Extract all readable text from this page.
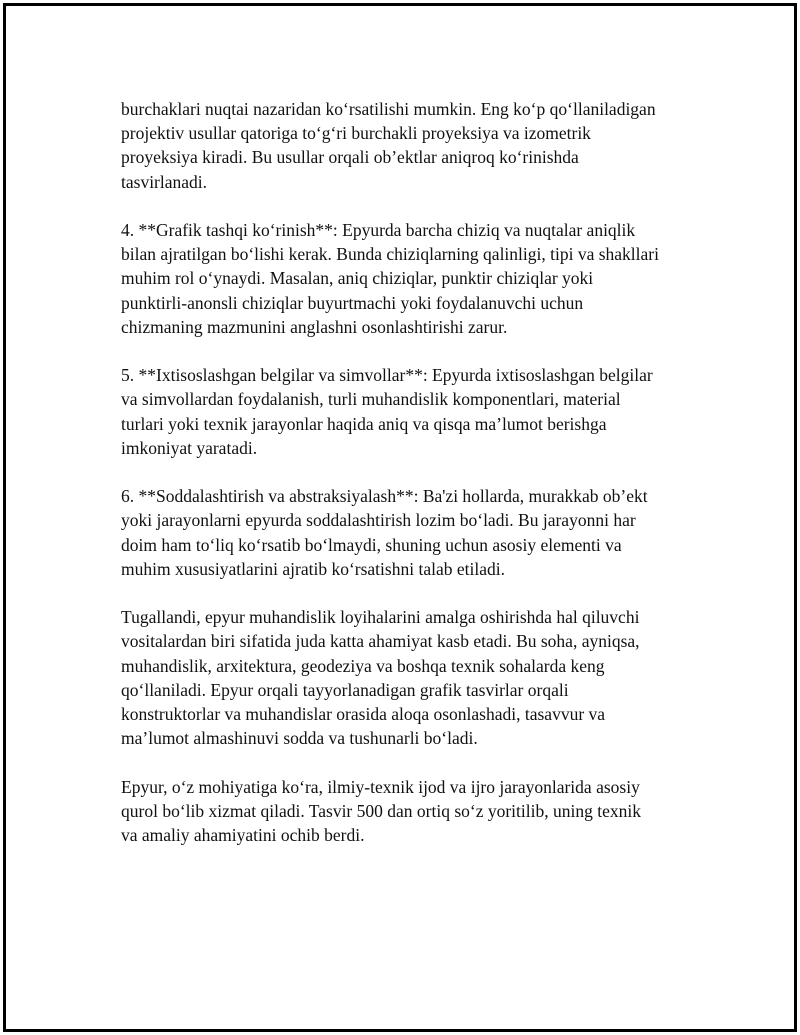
burchaklari nuqtai nazaridan koʻrsatilishi mumkin. Eng koʻp qoʻllaniladigan
projektiv usullar qatoriga toʻgʻri burchakli proyeksiya va izometrik
proyeksiya kiradi. Bu usullar orqali obʼektlar aniqroq koʻrinishda
tasvirlanadi.

4. **Grafik tashqi koʻrinish**: Epyurda barcha chiziq va nuqtalar aniqlik
bilan ajratilgan boʻlishi kerak. Bunda chiziqlarning qalinligi, tipi va shakllari
muhim rol oʻynaydi. Masalan, aniq chiziqlar, punktir chiziqlar yoki
punktirli-anonsli chiziqlar buyurtmachi yoki foydalanuvchi uchun
chizmaning mazmunini anglashni osonlashtirishi zarur.

5. **Ixtisoslashgan belgilar va simvollar**: Epyurda ixtisoslashgan belgilar
va simvollardan foydalanish, turli muhandislik komponentlari, material
turlari yoki texnik jarayonlar haqida aniq va qisqa maʼlumot berishga
imkoniyat yaratadi.

6. **Soddalashtirish va abstraksiyalash**: Ba'zi hollarda, murakkab obʼekt
yoki jarayonlarni epyurda soddalashtirish lozim boʻladi. Bu jarayonni har
doim ham toʻliq koʻrsatib boʻlmaydi, shuning uchun asosiy elementi va
muhim xususiyatlarini ajratib koʻrsatishni talab etiladi.

Tugallandi, epyur muhandislik loyihalarini amalga oshirishda hal qiluvchi
vositalardan biri sifatida juda katta ahamiyat kasb etadi. Bu soha, ayniqsa,
muhandislik, arxitektura, geodeziya va boshqa texnik sohalarda keng
qoʻllaniladi. Epyur orqali tayyorlanadigan grafik tasvirlar orqali
konstruktorlar va muhandislar orasida aloqa osonlashadi, tasavvur va
maʼlumot almashinuvi sodda va tushunarli boʻladi.

Epyur, oʻz mohiyatiga koʻra, ilmiy-texnik ijod va ijro jarayonlarida asosiy
qurol boʻlib xizmat qiladi. Tasvir 500 dan ortiq soʻz yoritilib, uning texnik
va amaliy ahamiyatini ochib berdi.
